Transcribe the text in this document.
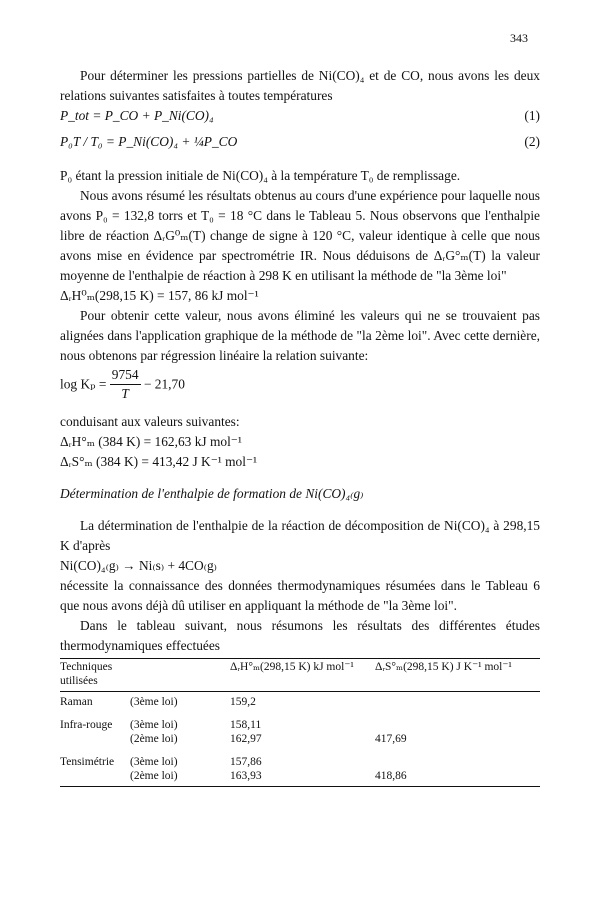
343

Pour déterminer les pressions partielles de Ni(CO)₄ et de CO, nous avons les deux relations suivantes satisfaites à toutes températures

P_tot = P_CO + P_Ni(CO)₄	(1)
P₀T / T₀ = P_Ni(CO)₄ + ¼P_CO	(2)

P₀ étant la pression initiale de Ni(CO)₄ à la température T₀ de remplissage.

Nous avons résumé les résultats obtenus au cours d'une expérience pour laquelle nous avons P₀ = 132,8 torrs et T₀ = 18 °C dans le Tableau 5. Nous observons que l'enthalpie libre de réaction ΔᵣG⁰ₘ(T) change de signe à 120 °C, valeur identique à celle que nous avons mise en évidence par spectrométrie IR. Nous déduisons de ΔᵣG°ₘ(T) la valeur moyenne de l'enthalpie de réaction à 298 K en utilisant la méthode de "la 3ème loi"

ΔᵣH⁰ₘ(298,15 K) = 157, 86 kJ mol⁻¹

Pour obtenir cette valeur, nous avons éliminé les valeurs qui ne se trouvaient pas alignées dans l'application graphique de la méthode de "la 2ème loi". Avec cette dernière, nous obtenons par régression linéaire la relation suivante:

$\log K_p = \frac{9754}{T} - 21,70$

conduisant aux valeurs suivantes:

ΔᵣH°ₘ (384 K) = 162,63 kJ mol⁻¹
ΔᵣS°ₘ (384 K) = 413,42 J K⁻¹ mol⁻¹

Détermination de l'enthalpie de formation de Ni(CO)₄₍g₎

La détermination de l'enthalpie de la réaction de décomposition de Ni(CO)₄ à 298,15 K d'après

Ni(CO)₄₍g₎ → Ni₍s₎ + 4CO₍g₎

nécessite la connaissance des données thermodynamiques résumées dans le Tableau 6 que nous avons déjà dû utiliser en appliquant la méthode de "la 3ème loi".

Dans le tableau suivant, nous résumons les résultats des différentes études thermodynamiques effectuées

Techniques utilisées		ΔᵣH°ₘ(298,15 K) kJ mol⁻¹	ΔᵣS°ₘ(298,15 K) J K⁻¹ mol⁻¹
Raman	(3ème loi)	159,2	
Infra-rouge	(3ème loi)	158,11	
	(2ème loi)	162,97	417,69
Tensimétrie	(3ème loi)	157,86	
	(2ème loi)	163,93	418,86
